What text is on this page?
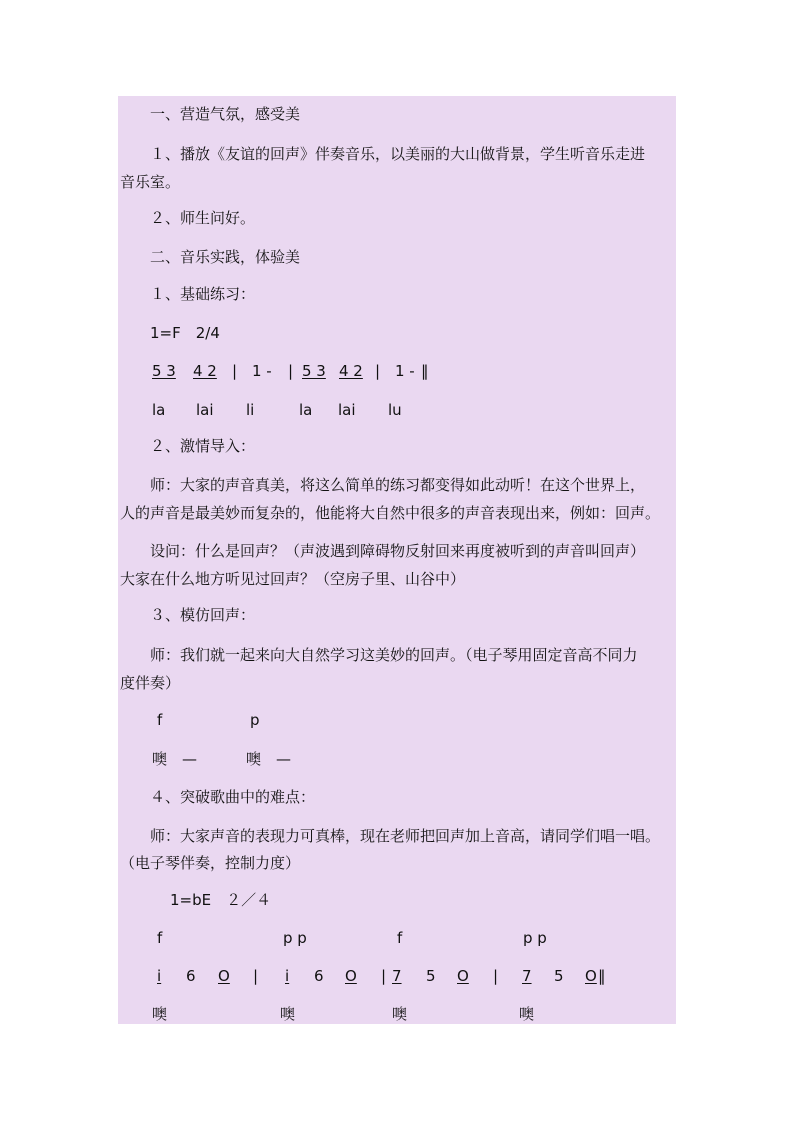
一、营造气氛，感受美
１、播放《友谊的回声》伴奏音乐，以美丽的大山做背景，学生听音乐走进
音乐室。
２、师生问好。
二、音乐实践，体验美
１、基础练习：
1=F　2/4
5 3 4 2 | 1 - | 5 3 4 2 | 1 - ‖
la lai li	la lai lu
２、激情导入：
师：大家的声音真美，将这么简单的练习都变得如此动听！在这个世界上，
人的声音是最美妙而复杂的，他能将大自然中很多的声音表现出来，例如：回声。
设问：什么是回声？（声波遇到障碍物反射回来再度被听到的声音叫回声）
大家在什么地方听见过回声？（空房子里、山谷中）
３、模仿回声：
师：我们就一起来向大自然学习这美妙的回声。（电子琴用固定音高不同力
度伴奏）
f	p
噢　—	噢　—
４、突破歌曲中的难点：
师：大家声音的表现力可真棒，现在老师把回声加上音高，请同学们唱一唱。
（电子琴伴奏，控制力度）
1=bE　２／４
f	p p	f	p p
i 6 O | i 6 O | 7 5 O | 7 5 O ‖
噢	噢	噢	噢
